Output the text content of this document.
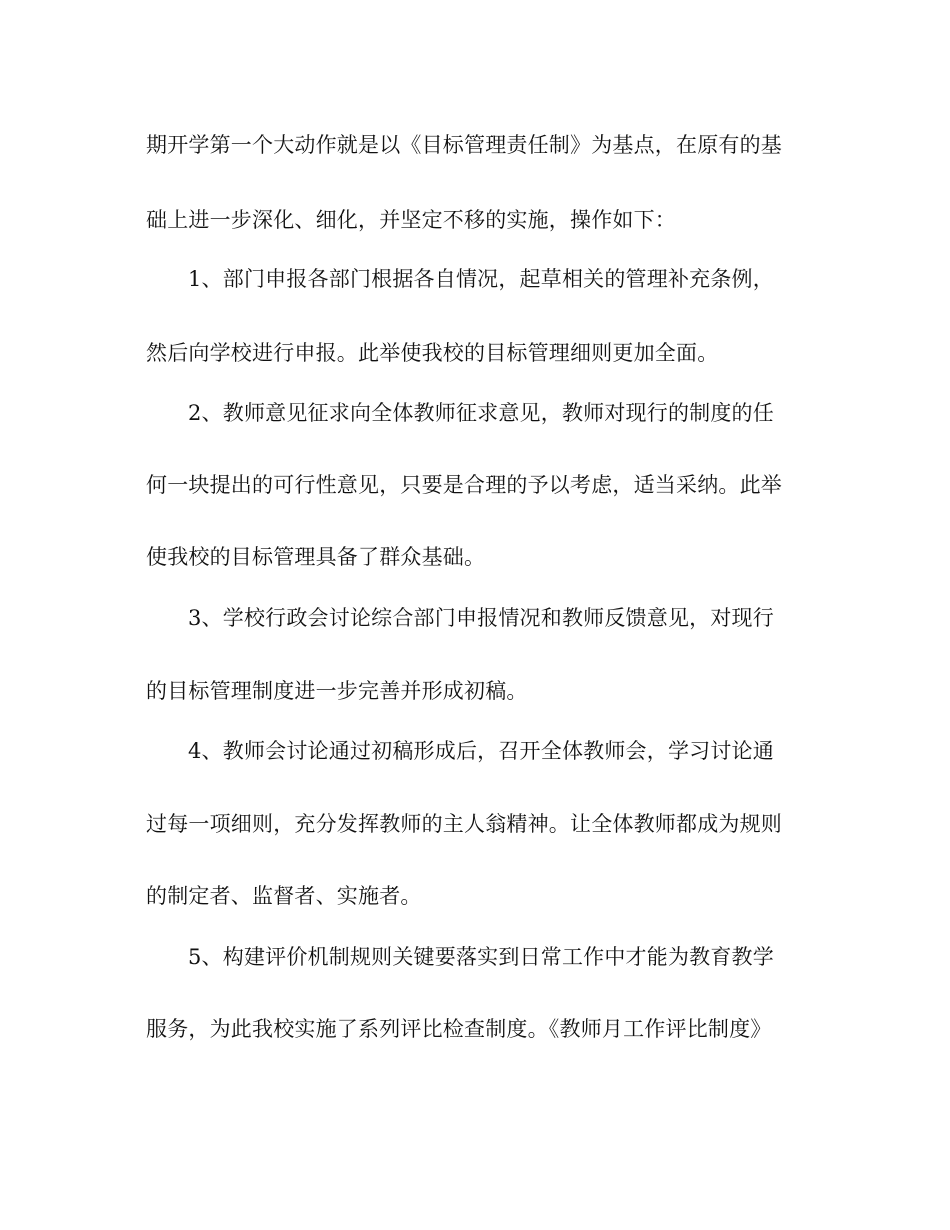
期开学第一个大动作就是以《目标管理责任制》为基点，在原有的基
础上进一步深化、细化，并坚定不移的实施，操作如下：
1、部门申报各部门根据各自情况，起草相关的管理补充条例，
然后向学校进行申报。此举使我校的目标管理细则更加全面。
2、教师意见征求向全体教师征求意见，教师对现行的制度的任
何一块提出的可行性意见，只要是合理的予以考虑，适当采纳。此举
使我校的目标管理具备了群众基础。
3、学校行政会讨论综合部门申报情况和教师反馈意见，对现行
的目标管理制度进一步完善并形成初稿。
4、教师会讨论通过初稿形成后，召开全体教师会，学习讨论通
过每一项细则，充分发挥教师的主人翁精神。让全体教师都成为规则
的制定者、监督者、实施者。
5、构建评价机制规则关键要落实到日常工作中才能为教育教学
服务，为此我校实施了系列评比检查制度。《教师月工作评比制度》
